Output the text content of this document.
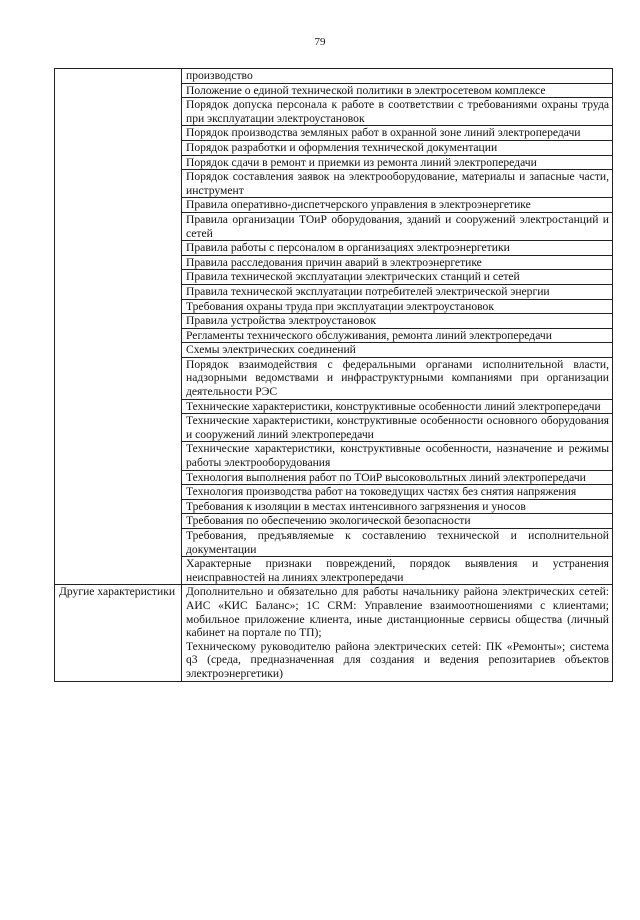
79
	производство
	Положение о единой технической политики в электросетевом комплексе
	Порядок допуска персонала к работе в соответствии с требованиями охраны труда при эксплуатации электроустановок
	Порядок производства земляных работ в охранной зоне линий электропередачи
	Порядок разработки и оформления технической документации
	Порядок сдачи в ремонт и приемки из ремонта линий электропередачи
	Порядок составления заявок на электрооборудование, материалы и запасные части, инструмент
	Правила оперативно-диспетчерского управления в электроэнергетике
	Правила организации ТОиР оборудования, зданий и сооружений электростанций и сетей
	Правила работы с персоналом в организациях электроэнергетики
	Правила расследования причин аварий в электроэнергетике
	Правила технической эксплуатации электрических станций и сетей
	Правила технической эксплуатации потребителей электрической энергии
	Требования охраны труда при эксплуатации электроустановок
	Правила устройства электроустановок
	Регламенты технического обслуживания, ремонта линий электропередачи
	Схемы электрических соединений
	Порядок взаимодействия с федеральными органами исполнительной власти, надзорными ведомствами и инфраструктурными компаниями при организации деятельности РЭС
	Технические характеристики, конструктивные особенности линий электропередачи
	Технические характеристики, конструктивные особенности основного оборудования и сооружений линий электропередачи
	Технические характеристики, конструктивные особенности, назначение и режимы работы электрооборудования
	Технология выполнения работ по ТОиР высоковольтных линий электропередачи
	Технология производства работ на токоведущих частях без снятия напряжения
	Требования к изоляции в местах интенсивного загрязнения и уносов
	Требования по обеспечению экологической безопасности
	Требования, предъявляемые к составлению технической и исполнительной документации
	Характерные признаки повреждений, порядок выявления и устранения неисправностей на линиях электропередачи
Другие характеристики	Дополнительно и обязательно для работы начальнику района электрических сетей: АИС «КИС Баланс»; 1С CRM: Управление взаимоотношениями с клиентами; мобильное приложение клиента, иные дистанционные сервисы общества (личный кабинет на портале по ТП);
Техническому руководителю района электрических сетей: ПК «Ремонты»; система q3 (среда, предназначенная для создания и ведения репозитариев объектов электроэнергетики)
